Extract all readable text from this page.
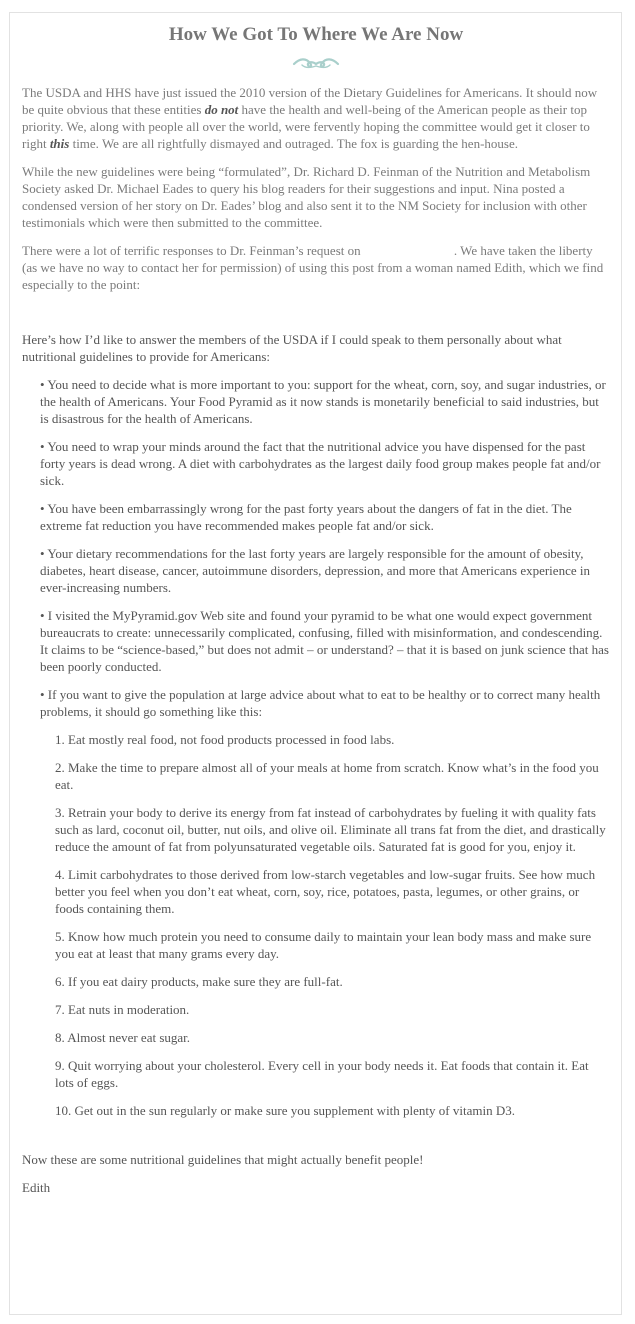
How We Got To Where We Are Now

The USDA and HHS have just issued the 2010 version of the Dietary Guidelines for Americans. It should now be quite obvious that these entities do not have the health and well-being of the American people as their top priority. We, along with people all over the world, were fervently hoping the committee would get it closer to right this time. We are all rightfully dismayed and outraged. The fox is guarding the hen-house.

While the new guidelines were being “formulated”, Dr. Richard D. Feinman of the Nutrition and Metabolism Society asked Dr. Michael Eades to query his blog readers for their suggestions and input. Nina posted a condensed version of her story on Dr. Eades’ blog and also sent it to the NM Society for inclusion with other testimonials which were then submitted to the committee.

There were a lot of terrific responses to Dr. Feinman’s request on	. We have taken the liberty (as we have no way to contact her for permission) of using this post from a woman named Edith, which we find especially to the point:

Here’s how I’d like to answer the members of the USDA if I could speak to them personally about what nutritional guidelines to provide for Americans:

• You need to decide what is more important to you: support for the wheat, corn, soy, and sugar industries, or the health of Americans. Your Food Pyramid as it now stands is monetarily beneficial to said industries, but is disastrous for the health of Americans.

• You need to wrap your minds around the fact that the nutritional advice you have dispensed for the past forty years is dead wrong. A diet with carbohydrates as the largest daily food group makes people fat and/or sick.

• You have been embarrassingly wrong for the past forty years about the dangers of fat in the diet. The extreme fat reduction you have recommended makes people fat and/or sick.

• Your dietary recommendations for the last forty years are largely responsible for the amount of obesity, diabetes, heart disease, cancer, autoimmune disorders, depression, and more that Americans experience in ever-increasing numbers.

• I visited the MyPyramid.gov Web site and found your pyramid to be what one would expect government bureaucrats to create: unnecessarily complicated, confusing, filled with misinformation, and condescending. It claims to be “science-based,” but does not admit – or understand? – that it is based on junk science that has been poorly conducted.

• If you want to give the population at large advice about what to eat to be healthy or to correct many health problems, it should go something like this:

1. Eat mostly real food, not food products processed in food labs.

2. Make the time to prepare almost all of your meals at home from scratch. Know what’s in the food you eat.

3. Retrain your body to derive its energy from fat instead of carbohydrates by fueling it with quality fats such as lard, coconut oil, butter, nut oils, and olive oil. Eliminate all trans fat from the diet, and drastically reduce the amount of fat from polyunsaturated vegetable oils. Saturated fat is good for you, enjoy it.

4. Limit carbohydrates to those derived from low-starch vegetables and low-sugar fruits. See how much better you feel when you don’t eat wheat, corn, soy, rice, potatoes, pasta, legumes, or other grains, or foods containing them.

5. Know how much protein you need to consume daily to maintain your lean body mass and make sure you eat at least that many grams every day.

6. If you eat dairy products, make sure they are full-fat.

7. Eat nuts in moderation.

8. Almost never eat sugar.

9. Quit worrying about your cholesterol. Every cell in your body needs it. Eat foods that contain it. Eat lots of eggs.

10. Get out in the sun regularly or make sure you supplement with plenty of vitamin D3.

Now these are some nutritional guidelines that might actually benefit people!

Edith
